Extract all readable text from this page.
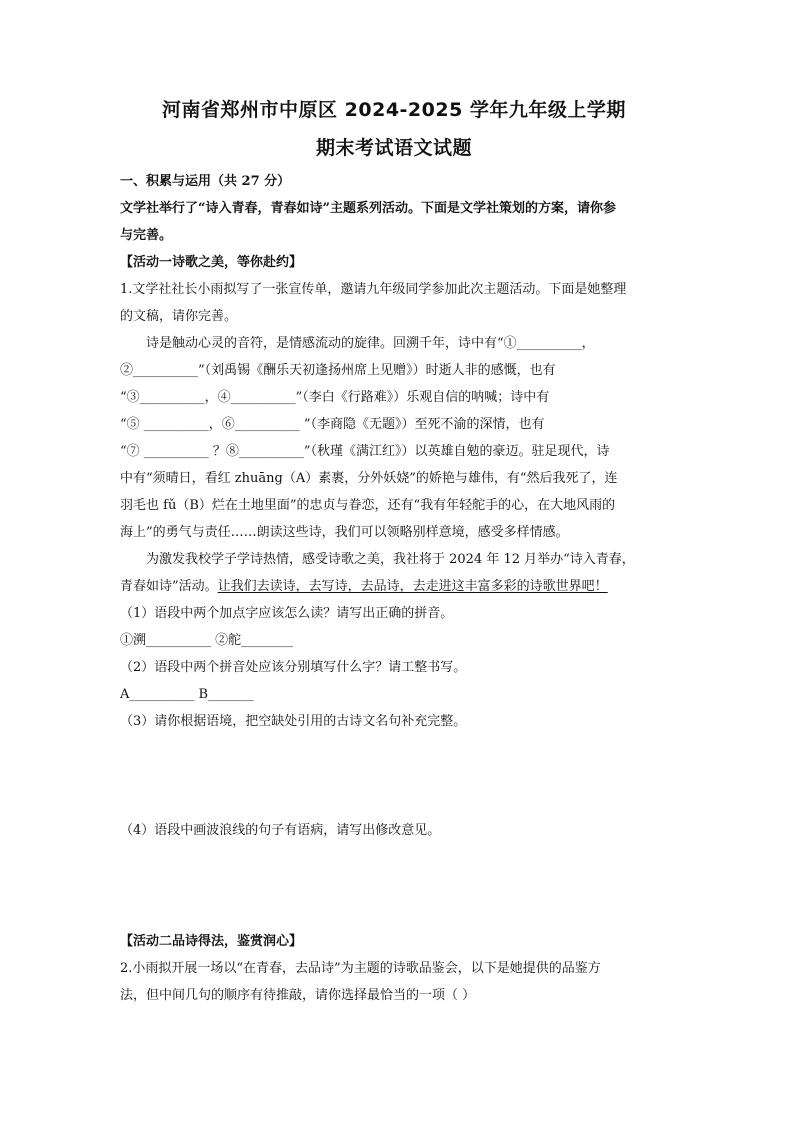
河南省郑州市中原区 2024-2025 学年九年级上学期
期末考试语文试题

一、积累与运用（共 27 分）

文学社举行了“诗入青春，青春如诗”主题系列活动。下面是文学社策划的方案，请你参

与完善。

【活动一诗歌之美，等你赴约】

1.文学社社长小雨拟写了一张宣传单，邀请九年级同学参加此次主题活动。下面是她整理

的文稿，请你完善。

诗是触动心灵的音符，是情感流动的旋律。回溯千年，诗中有“①__________，

②__________”（刘禹锡《酬乐天初逢扬州席上见赠》）时逝人非的感慨，也有

“③__________，④__________”（李白《行路难》）乐观自信的呐喊；诗中有

“⑤ __________，⑥__________ ”（李商隐《无题》）至死不渝的深情，也有

“⑦ __________ ？⑧__________”（秋瑾《满江红》）以英雄自勉的豪迈。驻足现代，诗

中有“须晴日，看红 zhuāng（A）素裹，分外妖娆”的娇艳与雄伟，有“然后我死了，连

羽毛也 fǔ（B）烂在土地里面”的忠贞与眷恋，还有“我有年轻舵手的心，在大地风雨的

海上”的勇气与责任……朗读这些诗，我们可以领略别样意境，感受多样情感。

为激发我校学子学诗热情，感受诗歌之美，我社将于 2024 年 12 月举办“诗入青春，

青春如诗”活动。让我们去读诗，去写诗，去品诗，去走进这丰富多彩的诗歌世界吧！

（1）语段中两个加点字应该怎么读？请写出正确的拼音。

①溯__________ ②舵________

（2）语段中两个拼音处应该分别填写什么字？请工整书写。

A__________ B_______

（3）请你根据语境，把空缺处引用的古诗文名句补充完整。

（4）语段中画波浪线的句子有语病，请写出修改意见。

【活动二品诗得法，鉴赏润心】

2.小雨拟开展一场以“在青春，去品诗”为主题的诗歌品鉴会，以下是她提供的品鉴方

法，但中间几句的顺序有待推敲，请你选择最恰当的一项（ ）
